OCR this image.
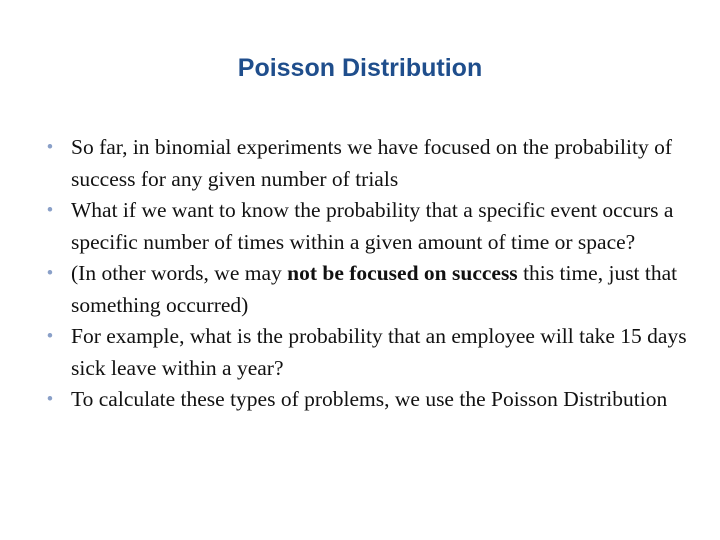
Poisson Distribution
• So far, in binomial experiments we have focused on the probability of success for any given number of trials
• What if we want to know the probability that a specific event occurs a specific number of times within a given amount of time or space?
• (In other words, we may not be focused on success this time, just that something occurred)
• For example, what is the probability that an employee will take 15 days sick leave within a year?
• To calculate these types of problems, we use the Poisson Distribution
